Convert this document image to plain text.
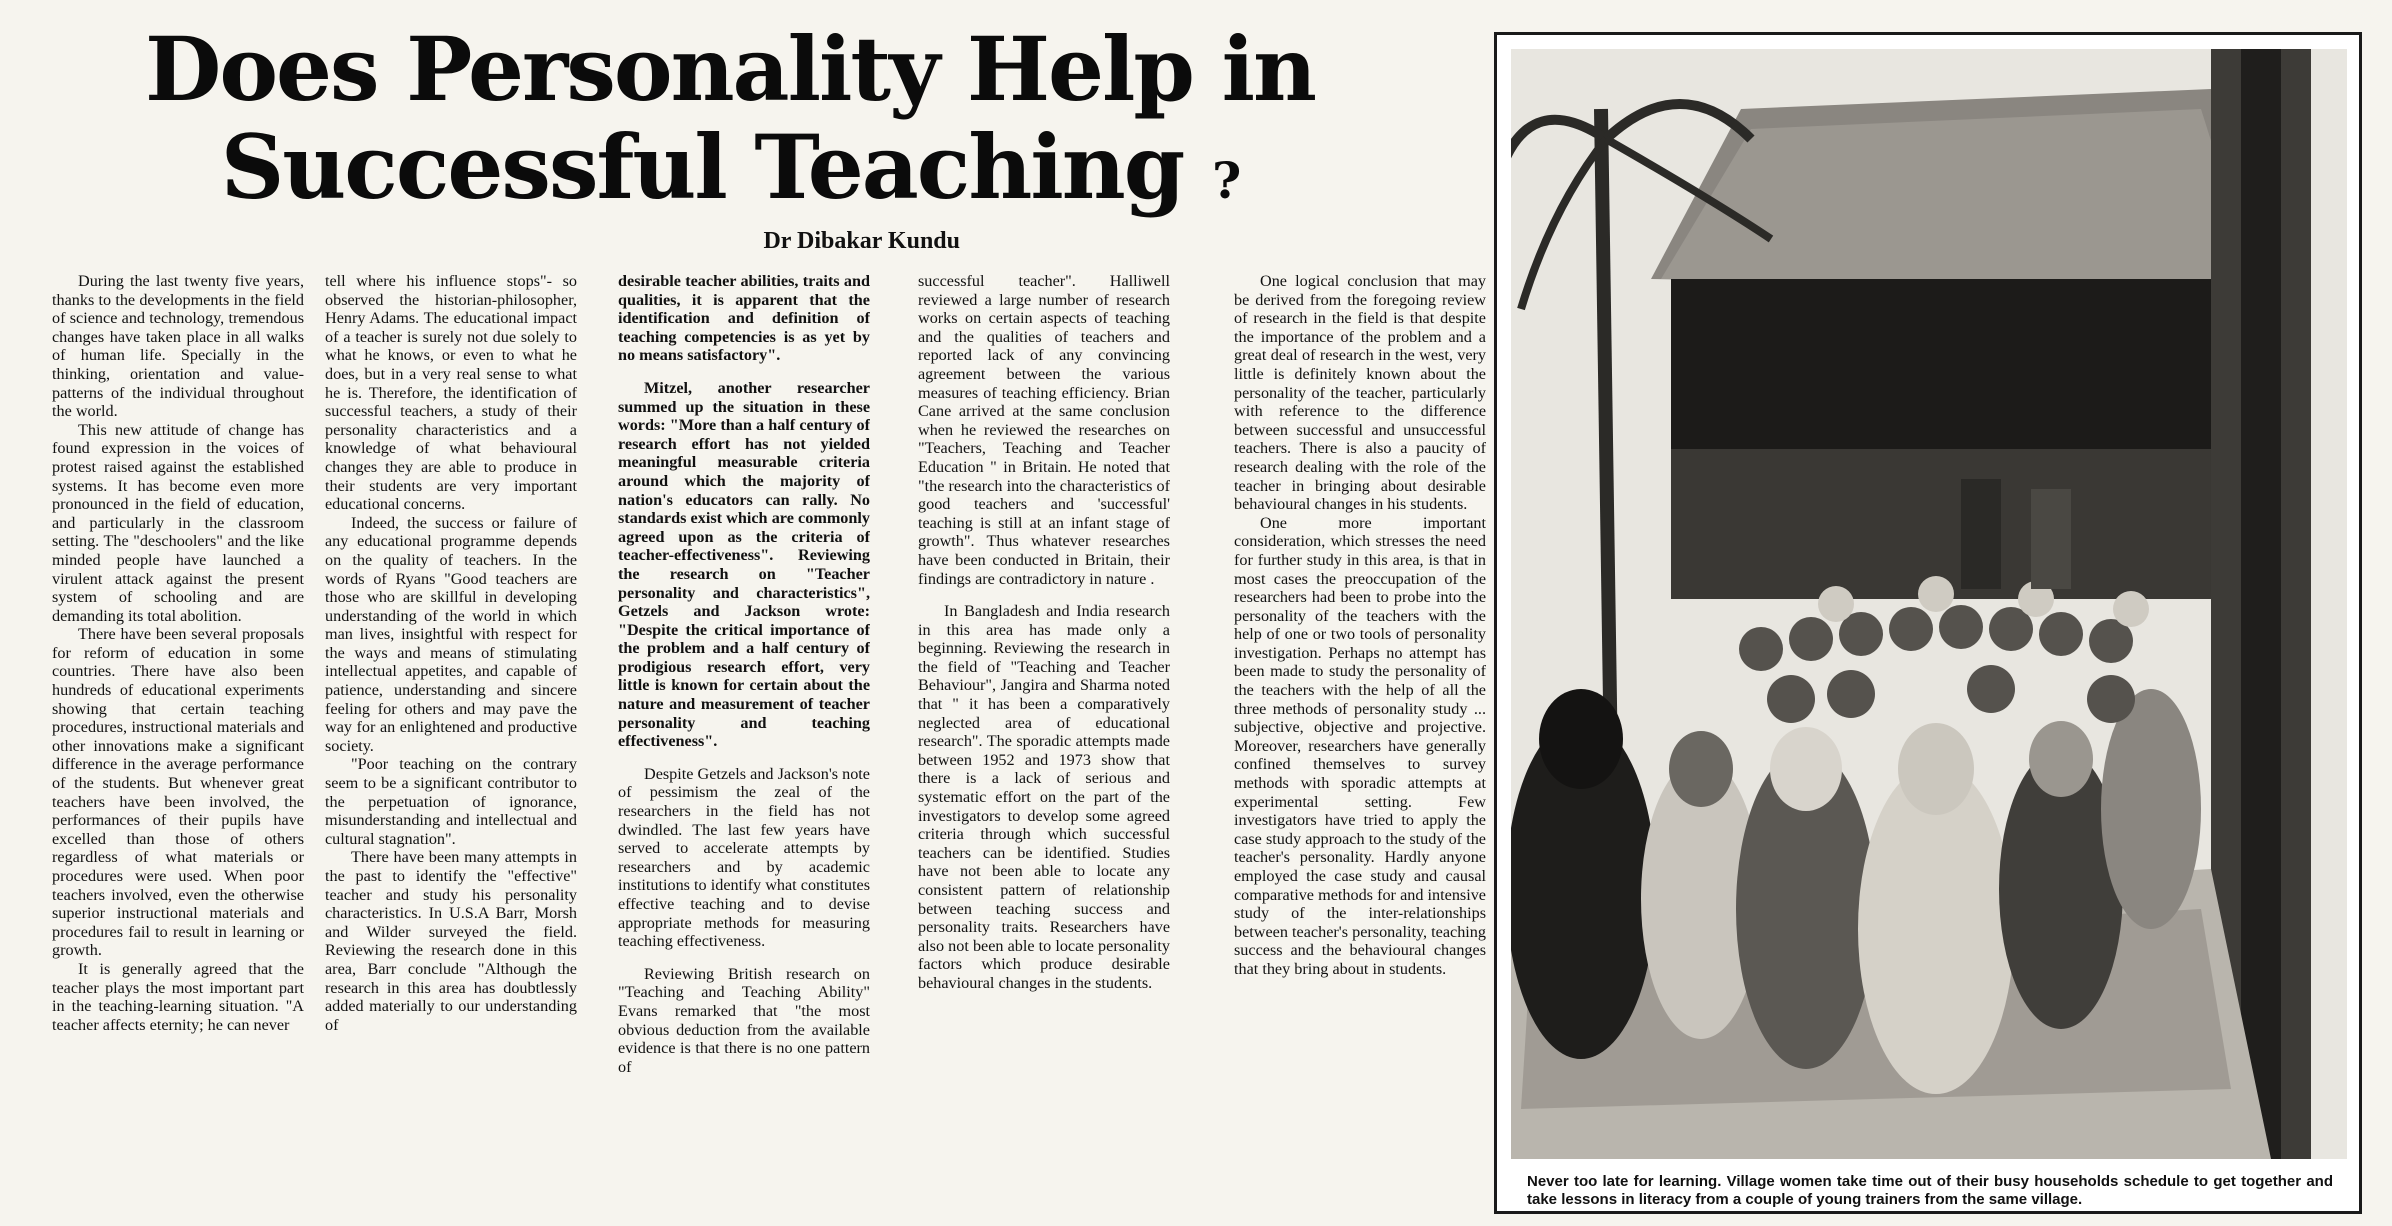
Does Personality Help in

Successful Teaching ?
Dr Dibakar Kundu

During the last twenty five years, thanks to the developments in the field of science and technology, tremendous changes have taken place in all walks of human life. Specially in the thinking, orientation and value-patterns of the individual throughout the world.

This new attitude of change has found expression in the voices of protest raised against the established systems. It has become even more pronounced in the field of education, and particularly in the classroom setting. The "deschoolers" and the like minded people have launched a virulent attack against the present system of schooling and are demanding its total abolition.

There have been several proposals for reform of education in some countries. There have also been hundreds of educational experiments showing that certain teaching procedures, instructional materials and other innovations make a significant difference in the average performance of the students. But whenever great teachers have been involved, the performances of their pupils have excelled than those of others regardless of what materials or procedures were used. When poor teachers involved, even the otherwise superior instructional materials and procedures fail to result in learning or growth.

It is generally agreed that the teacher plays the most important part in the teaching-learning situation. "A teacher affects eternity; he can never

tell where his influence stops"- so observed the historian-philosopher, Henry Adams. The educational impact of a teacher is surely not due solely to what he knows, or even to what he does, but in a very real sense to what he is. Therefore, the identification of successful teachers, a study of their personality characteristics and a knowledge of what behavioural changes they are able to produce in their students are very important educational concerns.

Indeed, the success or failure of any educational programme depends on the quality of teachers. In the words of Ryans "Good teachers are those who are skillful in developing understanding of the world in which man lives, insightful with respect for the ways and means of stimulating intellectual appetites, and capable of patience, understanding and sincere feeling for others and may pave the way for an enlightened and productive society.

"Poor teaching on the contrary seem to be a significant contributor to the perpetuation of ignorance, misunderstanding and intellectual and cultural stagnation".

There have been many attempts in the past to identify the "effective" teacher and study his personality characteristics. In U.S.A Barr, Morsh and Wilder surveyed the field. Reviewing the research done in this area, Barr conclude "Although the research in this area has doubtlessly added materially to our understanding of

desirable teacher abilities, traits and qualities, it is apparent that the identification and definition of teaching competencies is as yet by no means satisfactory".

Mitzel, another researcher summed up the situation in these words: "More than a half century of research effort has not yielded meaningful measurable criteria around which the majority of nation's educators can rally. No standards exist which are commonly agreed upon as the criteria of teacher-effectiveness". Reviewing the research on "Teacher personality and characteristics", Getzels and Jackson wrote: "Despite the critical importance of the problem and a half century of prodigious research effort, very little is known for certain about the nature and measurement of teacher personality and teaching effectiveness".

Despite Getzels and Jackson's note of pessimism the zeal of the researchers in the field has not dwindled. The last few years have served to accelerate attempts by researchers and by academic institutions to identify what constitutes effective teaching and to devise appropriate methods for measuring teaching effectiveness.

Reviewing British research on "Teaching and Teaching Ability" Evans remarked that "the most obvious deduction from the available evidence is that there is no one pattern of

successful teacher". Halliwell reviewed a large number of research works on certain aspects of teaching and the qualities of teachers and reported lack of any convincing agreement between the various measures of teaching efficiency. Brian Cane arrived at the same conclusion when he reviewed the researches on "Teachers, Teaching and Teacher Education " in Britain. He noted that "the research into the characteristics of good teachers and 'successful' teaching is still at an infant stage of growth". Thus whatever researches have been conducted in Britain, their findings are contradictory in nature .

In Bangladesh and India research in this area has made only a beginning. Reviewing the research in the field of "Teaching and Teacher Behaviour", Jangira and Sharma noted that " it has been a comparatively neglected area of educational research". The sporadic attempts made between 1952 and 1973 show that there is a lack of serious and systematic effort on the part of the investigators to develop some agreed criteria through which successful teachers can be identified. Studies have not been able to locate any consistent pattern of relationship between teaching success and personality traits. Researchers have also not been able to locate personality factors which produce desirable behavioural changes in the students.

One logical conclusion that may be derived from the foregoing review of research in the field is that despite the importance of the problem and a great deal of research in the west, very little is definitely known about the personality of the teacher, particularly with reference to the difference between successful and unsuccessful teachers. There is also a paucity of research dealing with the role of the teacher in bringing about desirable behavioural changes in his students.

One more important consideration, which stresses the need for further study in this area, is that in most cases the preoccupation of the researchers had been to probe into the personality of the teachers with the help of one or two tools of personality investigation. Perhaps no attempt has been made to study the personality of the teachers with the help of all the three methods of personality study ... subjective, objective and projective. Moreover, researchers have generally confined themselves to survey methods with sporadic attempts at experimental setting. Few investigators have tried to apply the case study approach to the study of the teacher's personality. Hardly anyone employed the case study and causal comparative methods for and intensive study of the inter-relationships between teacher's personality, teaching success and the behavioural changes that they bring about in students.

Never too late for learning. Village women take time out of their busy households schedule to get together and take lessons in literacy from a couple of young trainers from the same village.
